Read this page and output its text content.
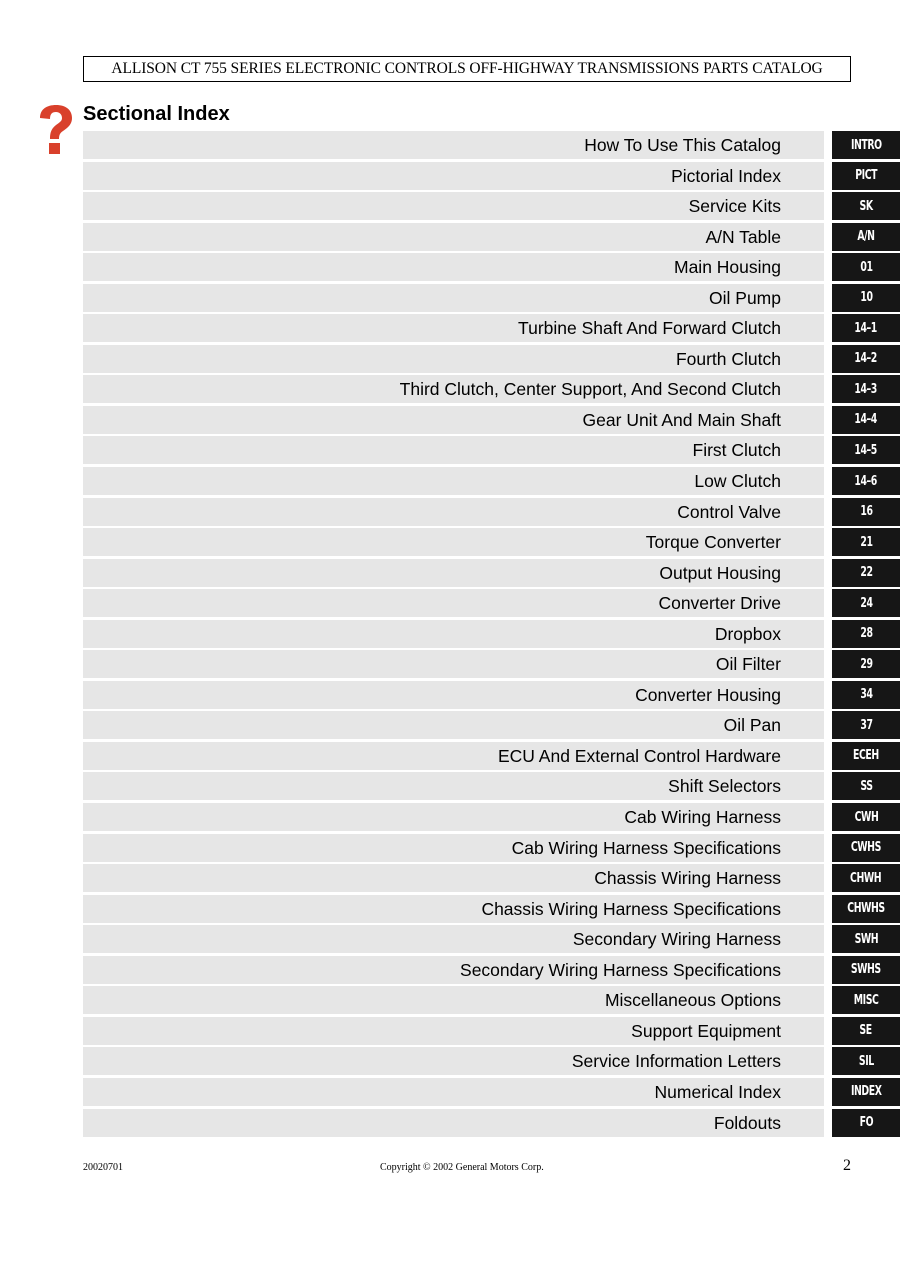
ALLISON CT 755 SERIES ELECTRONIC CONTROLS OFF-HIGHWAY TRANSMISSIONS PARTS CATALOG
Sectional Index
How To Use This Catalog	INTRO
Pictorial Index	PICT
Service Kits	SK
A/N Table	A/N
Main Housing	01
Oil Pump	10
Turbine Shaft And Forward Clutch	14–1
Fourth Clutch	14–2
Third Clutch, Center Support, And Second Clutch	14–3
Gear Unit And Main Shaft	14–4
First Clutch	14–5
Low Clutch	14–6
Control Valve	16
Torque Converter	21
Output Housing	22
Converter Drive	24
Dropbox	28
Oil Filter	29
Converter Housing	34
Oil Pan	37
ECU And External Control Hardware	ECEH
Shift Selectors	SS
Cab Wiring Harness	CWH
Cab Wiring Harness Specifications	CWHS
Chassis Wiring Harness	CHWH
Chassis Wiring Harness Specifications	CHWHS
Secondary Wiring Harness	SWH
Secondary Wiring Harness Specifications	SWHS
Miscellaneous Options	MISC
Support Equipment	SE
Service Information Letters	SIL
Numerical Index	INDEX
Foldouts	FO
20020701	Copyright © 2002 General Motors Corp.	2
